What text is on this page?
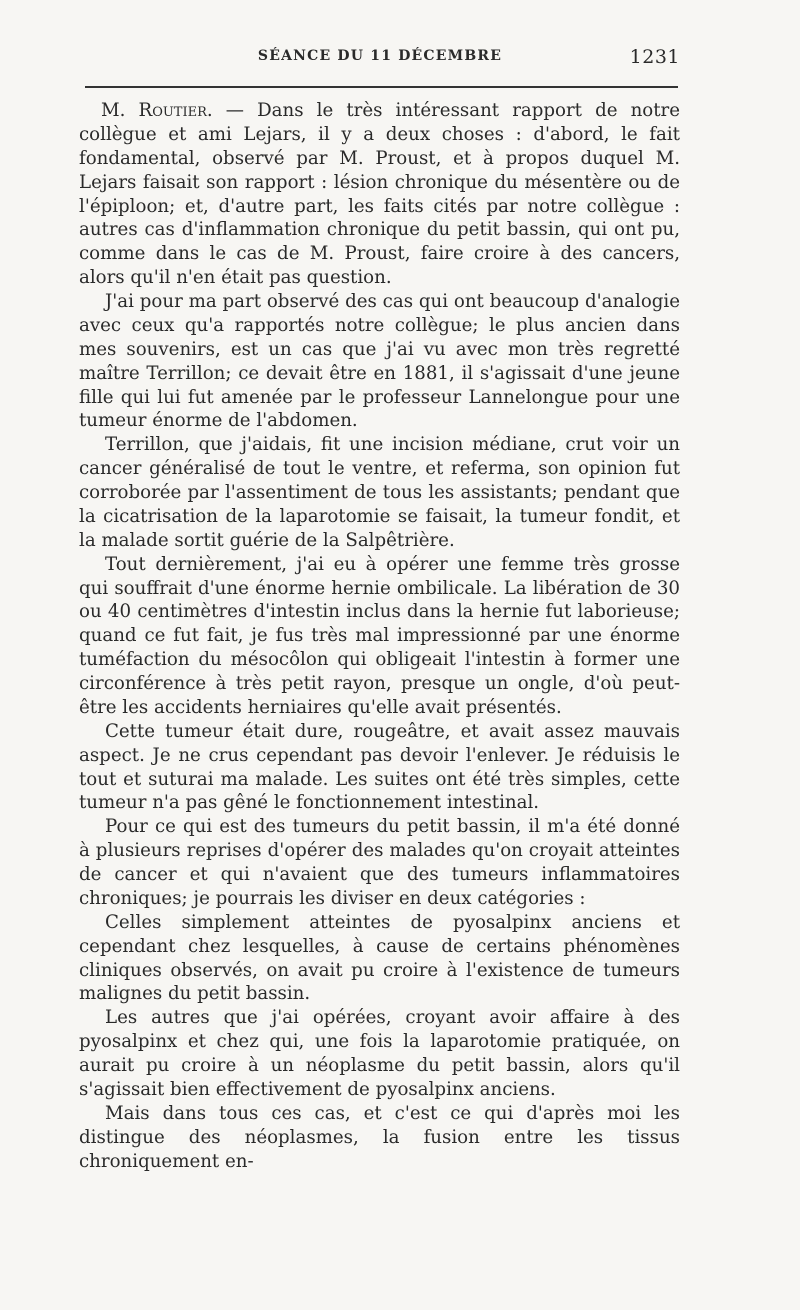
SÉANCE DU 11 DÉCEMBRE	1231

M. Routier. — Dans le très intéressant rapport de notre collègue et ami Lejars, il y a deux choses : d'abord, le fait fondamental, observé par M. Proust, et à propos duquel M. Lejars faisait son rapport : lésion chronique du mésentère ou de l'épiploon; et, d'autre part, les faits cités par notre collègue : autres cas d'inflammation chronique du petit bassin, qui ont pu, comme dans le cas de M. Proust, faire croire à des cancers, alors qu'il n'en était pas question.

J'ai pour ma part observé des cas qui ont beaucoup d'analogie avec ceux qu'a rapportés notre collègue; le plus ancien dans mes souvenirs, est un cas que j'ai vu avec mon très regretté maître Terrillon; ce devait être en 1881, il s'agissait d'une jeune fille qui lui fut amenée par le professeur Lannelongue pour une tumeur énorme de l'abdomen.

Terrillon, que j'aidais, fit une incision médiane, crut voir un cancer généralisé de tout le ventre, et referma, son opinion fut corroborée par l'assentiment de tous les assistants; pendant que la cicatrisation de la laparotomie se faisait, la tumeur fondit, et la malade sortit guérie de la Salpêtrière.

Tout dernièrement, j'ai eu à opérer une femme très grosse qui souffrait d'une énorme hernie ombilicale. La libération de 30 ou 40 centimètres d'intestin inclus dans la hernie fut laborieuse; quand ce fut fait, je fus très mal impressionné par une énorme tuméfaction du mésocôlon qui obligeait l'intestin à former une circonférence à très petit rayon, presque un ongle, d'où peut-être les accidents herniaires qu'elle avait présentés.

Cette tumeur était dure, rougeâtre, et avait assez mauvais aspect. Je ne crus cependant pas devoir l'enlever. Je réduisis le tout et suturai ma malade. Les suites ont été très simples, cette tumeur n'a pas gêné le fonctionnement intestinal.

Pour ce qui est des tumeurs du petit bassin, il m'a été donné à plusieurs reprises d'opérer des malades qu'on croyait atteintes de cancer et qui n'avaient que des tumeurs inflammatoires chroniques; je pourrais les diviser en deux catégories :

Celles simplement atteintes de pyosalpinx anciens et cependant chez lesquelles, à cause de certains phénomènes cliniques observés, on avait pu croire à l'existence de tumeurs malignes du petit bassin.

Les autres que j'ai opérées, croyant avoir affaire à des pyosalpinx et chez qui, une fois la laparotomie pratiquée, on aurait pu croire à un néoplasme du petit bassin, alors qu'il s'agissait bien effectivement de pyosalpinx anciens.

Mais dans tous ces cas, et c'est ce qui d'après moi les distingue des néoplasmes, la fusion entre les tissus chroniquement en-
